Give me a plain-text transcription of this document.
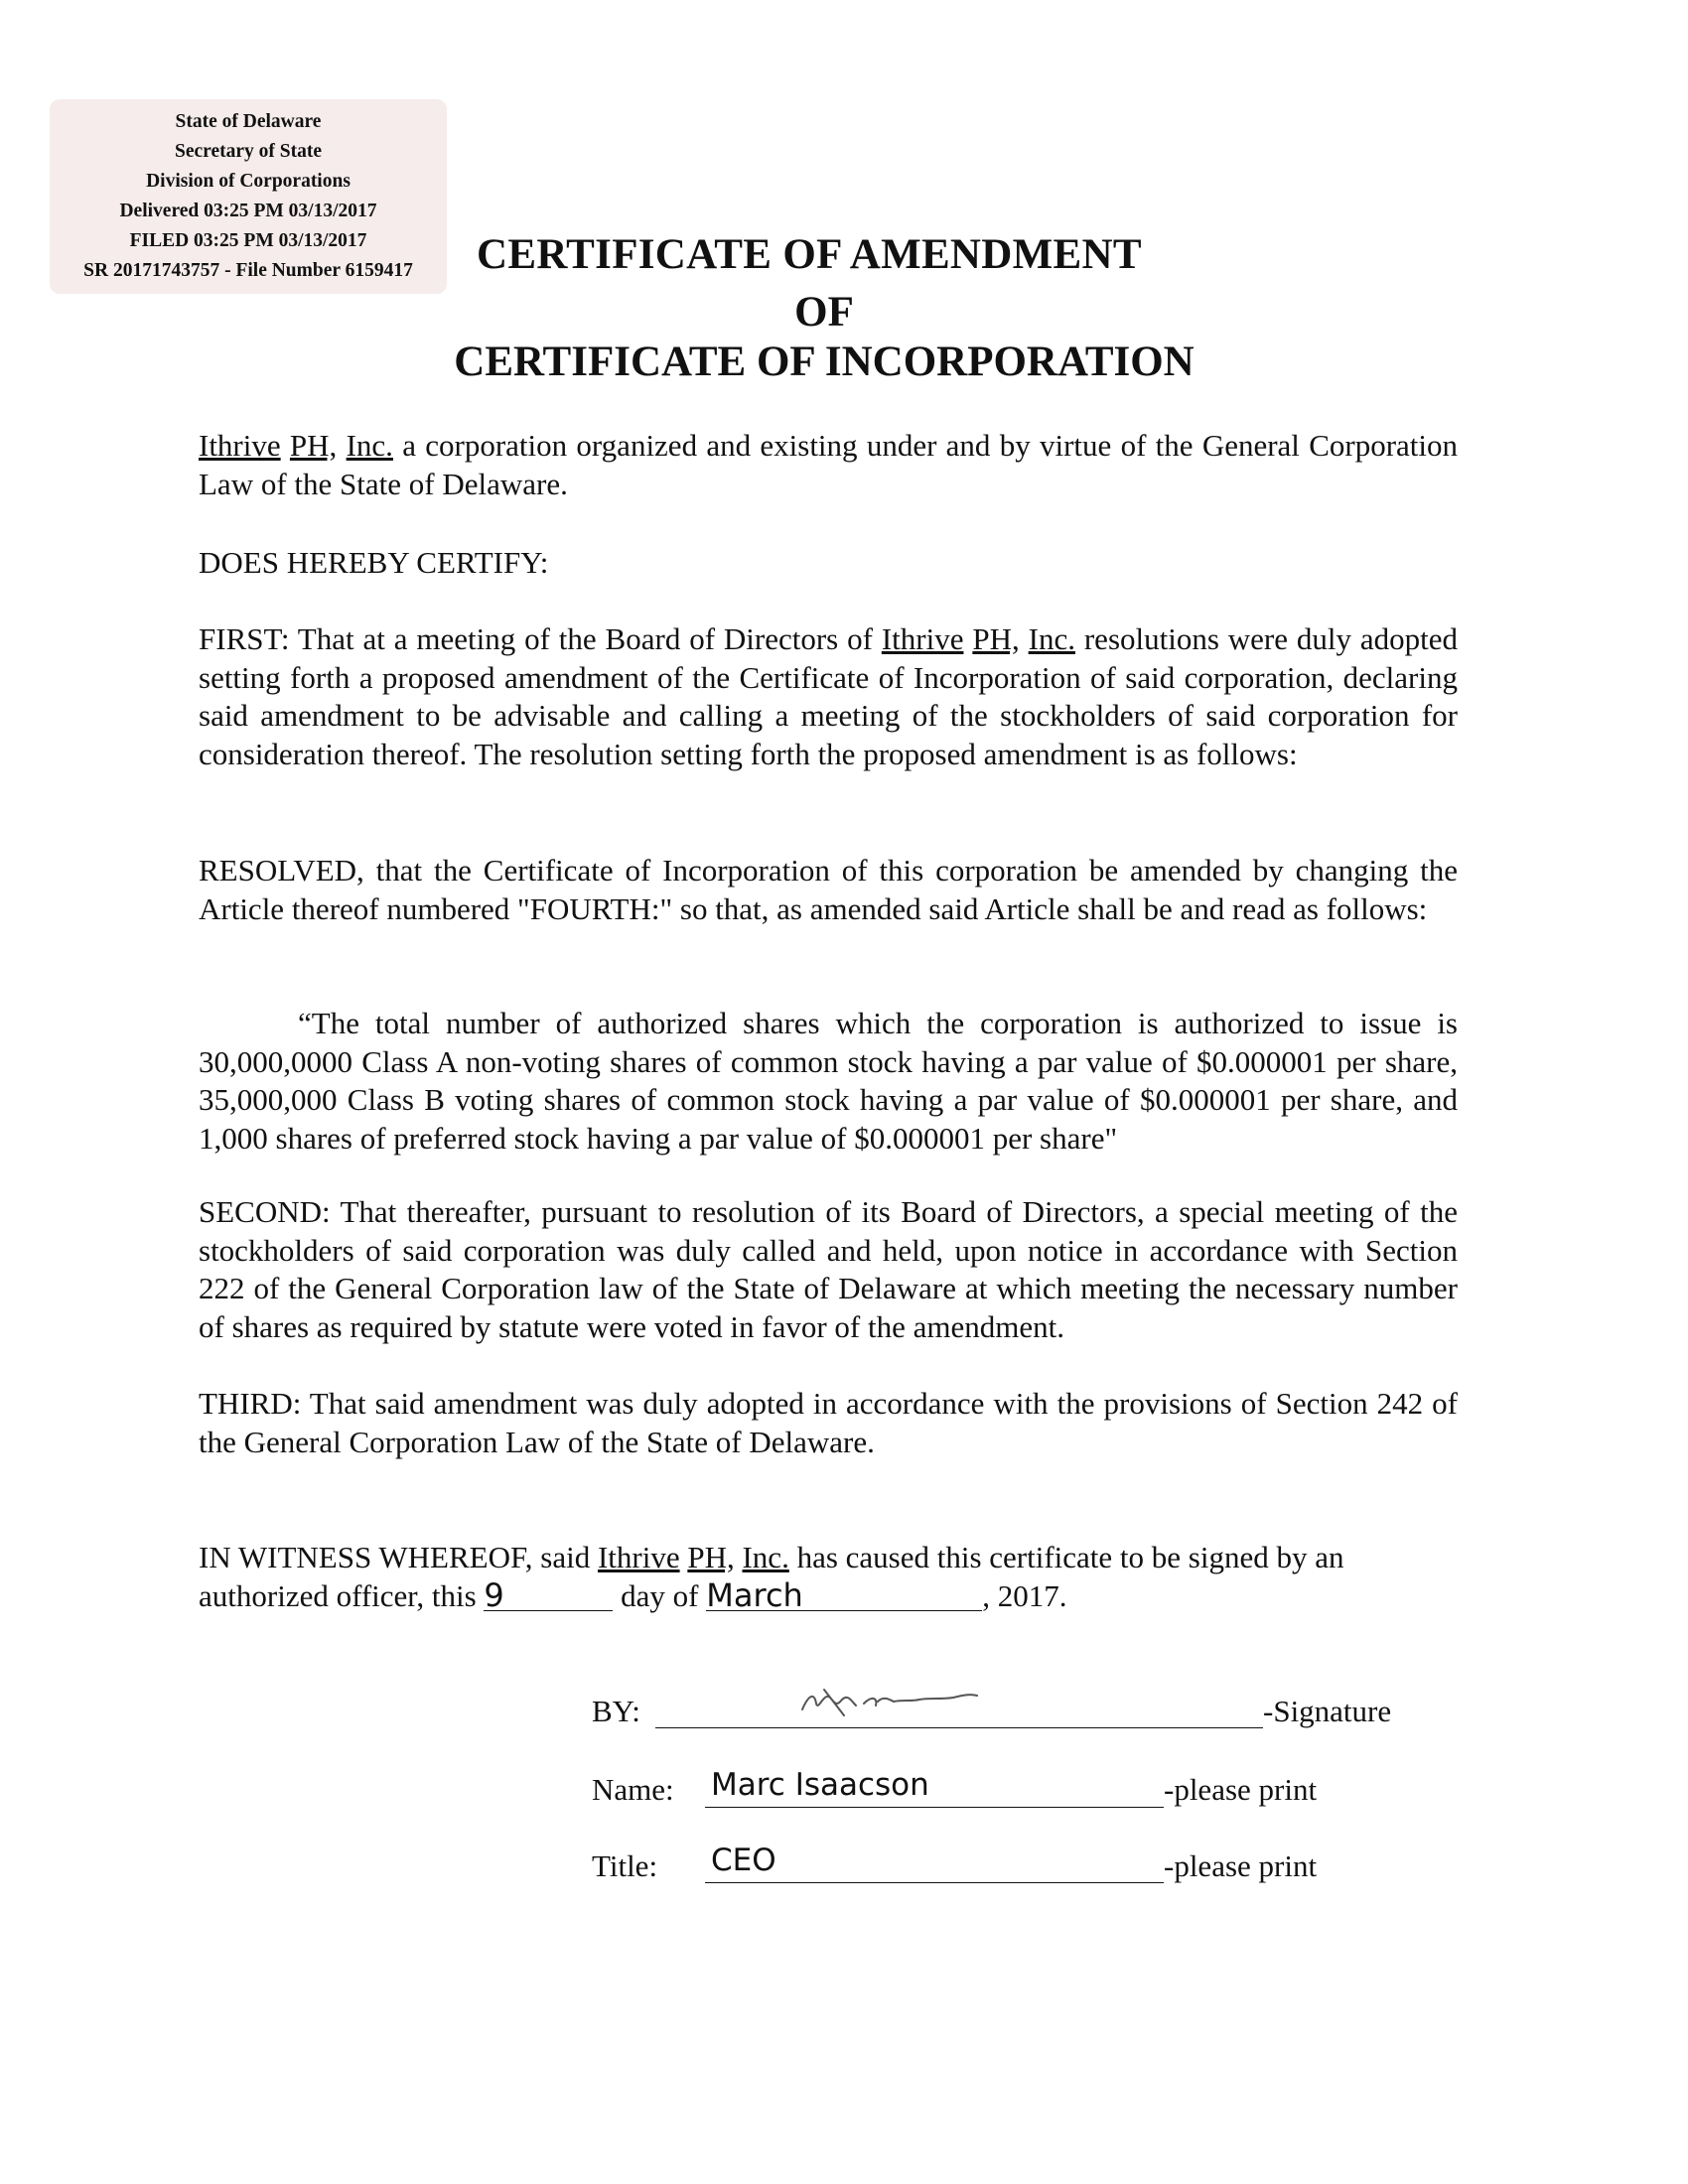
State of Delaware
Secretary of State
Division of Corporations
Delivered 03:25 PM 03/13/2017
FILED 03:25 PM 03/13/2017
SR 20171743757 - File Number 6159417	CERTIFICATE OF AMENDMENT
OF
CERTIFICATE OF INCORPORATION
Ithrive PH, Inc. a corporation organized and existing under and by virtue of the General Corporation Law of the State of Delaware.
DOES HEREBY CERTIFY:
FIRST: That at a meeting of the Board of Directors of Ithrive PH, Inc. resolutions were duly adopted setting forth a proposed amendment of the Certificate of Incorporation of said corporation, declaring said amendment to be advisable and calling a meeting of the stockholders of said corporation for consideration thereof. The resolution setting forth the proposed amendment is as follows:
RESOLVED, that the Certificate of Incorporation of this corporation be amended by changing the Article thereof numbered "FOURTH:" so that, as amended said Article shall be and read as follows:
“The total number of authorized shares which the corporation is authorized to issue is 30,000,0000 Class A non-voting shares of common stock having a par value of $0.000001 per share, 35,000,000 Class B voting shares of common stock having a par value of $0.000001 per share, and 1,000 shares of preferred stock having a par value of $0.000001 per share"
SECOND: That thereafter, pursuant to resolution of its Board of Directors, a special meeting of the stockholders of said corporation was duly called and held, upon notice in accordance with Section 222 of the General Corporation law of the State of Delaware at which meeting the necessary number of shares as required by statute were voted in favor of the amendment.
THIRD: That said amendment was duly adopted in accordance with the provisions of Section 242 of the General Corporation Law of the State of Delaware.
IN WITNESS WHEREOF, said Ithrive PH, Inc. has caused this certificate to be signed by an authorized officer, this 9	day of March	, 2017.
BY:	-Signature
Name: Marc Isaacson	-please print
Title: CEO	-please print
